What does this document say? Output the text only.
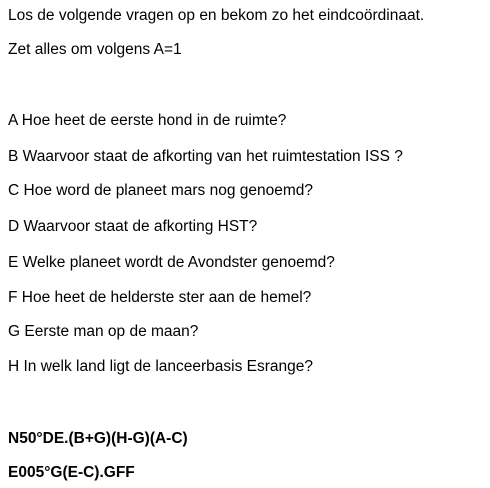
Los de volgende vragen op en bekom zo het eindcoördinaat.
Zet alles om volgens A=1
A Hoe heet de eerste hond in de ruimte?
B Waarvoor staat de afkorting van het ruimtestation ISS ?
C Hoe word de planeet mars nog genoemd?
D Waarvoor staat de afkorting HST?
E Welke planeet wordt de Avondster genoemd?
F Hoe heet de helderste ster aan de hemel?
G Eerste man op de maan?
H In welk land ligt de lanceerbasis Esrange?
N50°DE.(B+G)(H-G)(A-C)
E005°G(E-C).GFF
